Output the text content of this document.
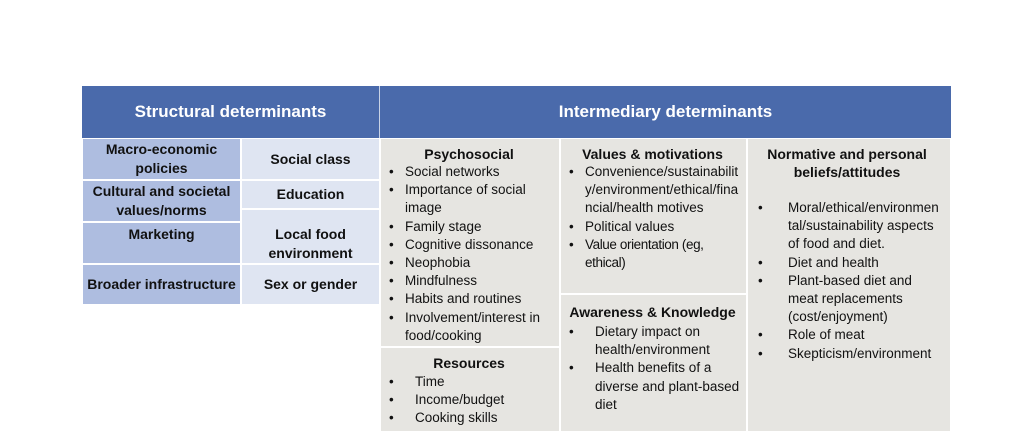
Structural determinants	Intermediary determinants
Macro-economic policies
Cultural and societal values/norms
Marketing
Broader infrastructure
Social class
Education
Local food environment
Sex or gender

Psychosocial

• Social networks
• Importance of social image
• Family stage
• Cognitive dissonance
• Neophobia
• Mindfulness
• Habits and routines
• Involvement/interest in food/cooking

Resources

• Time
• Income/budget
• Cooking skills

Values & motivations

• Convenience/sustainability/environment/ethical/financial/health motives
• Political values
• Value orientation (eg, ethical)

Awareness & Knowledge

• Dietary impact on health/environment
• Health benefits of a diverse and plant-based diet

Normative and personal beliefs/attitudes

• Moral/ethical/environmental/sustainability aspects of food and diet.
• Diet and health
• Plant-based diet and meat replacements (cost/enjoyment)
• Role of meat
• Skepticism/environment
